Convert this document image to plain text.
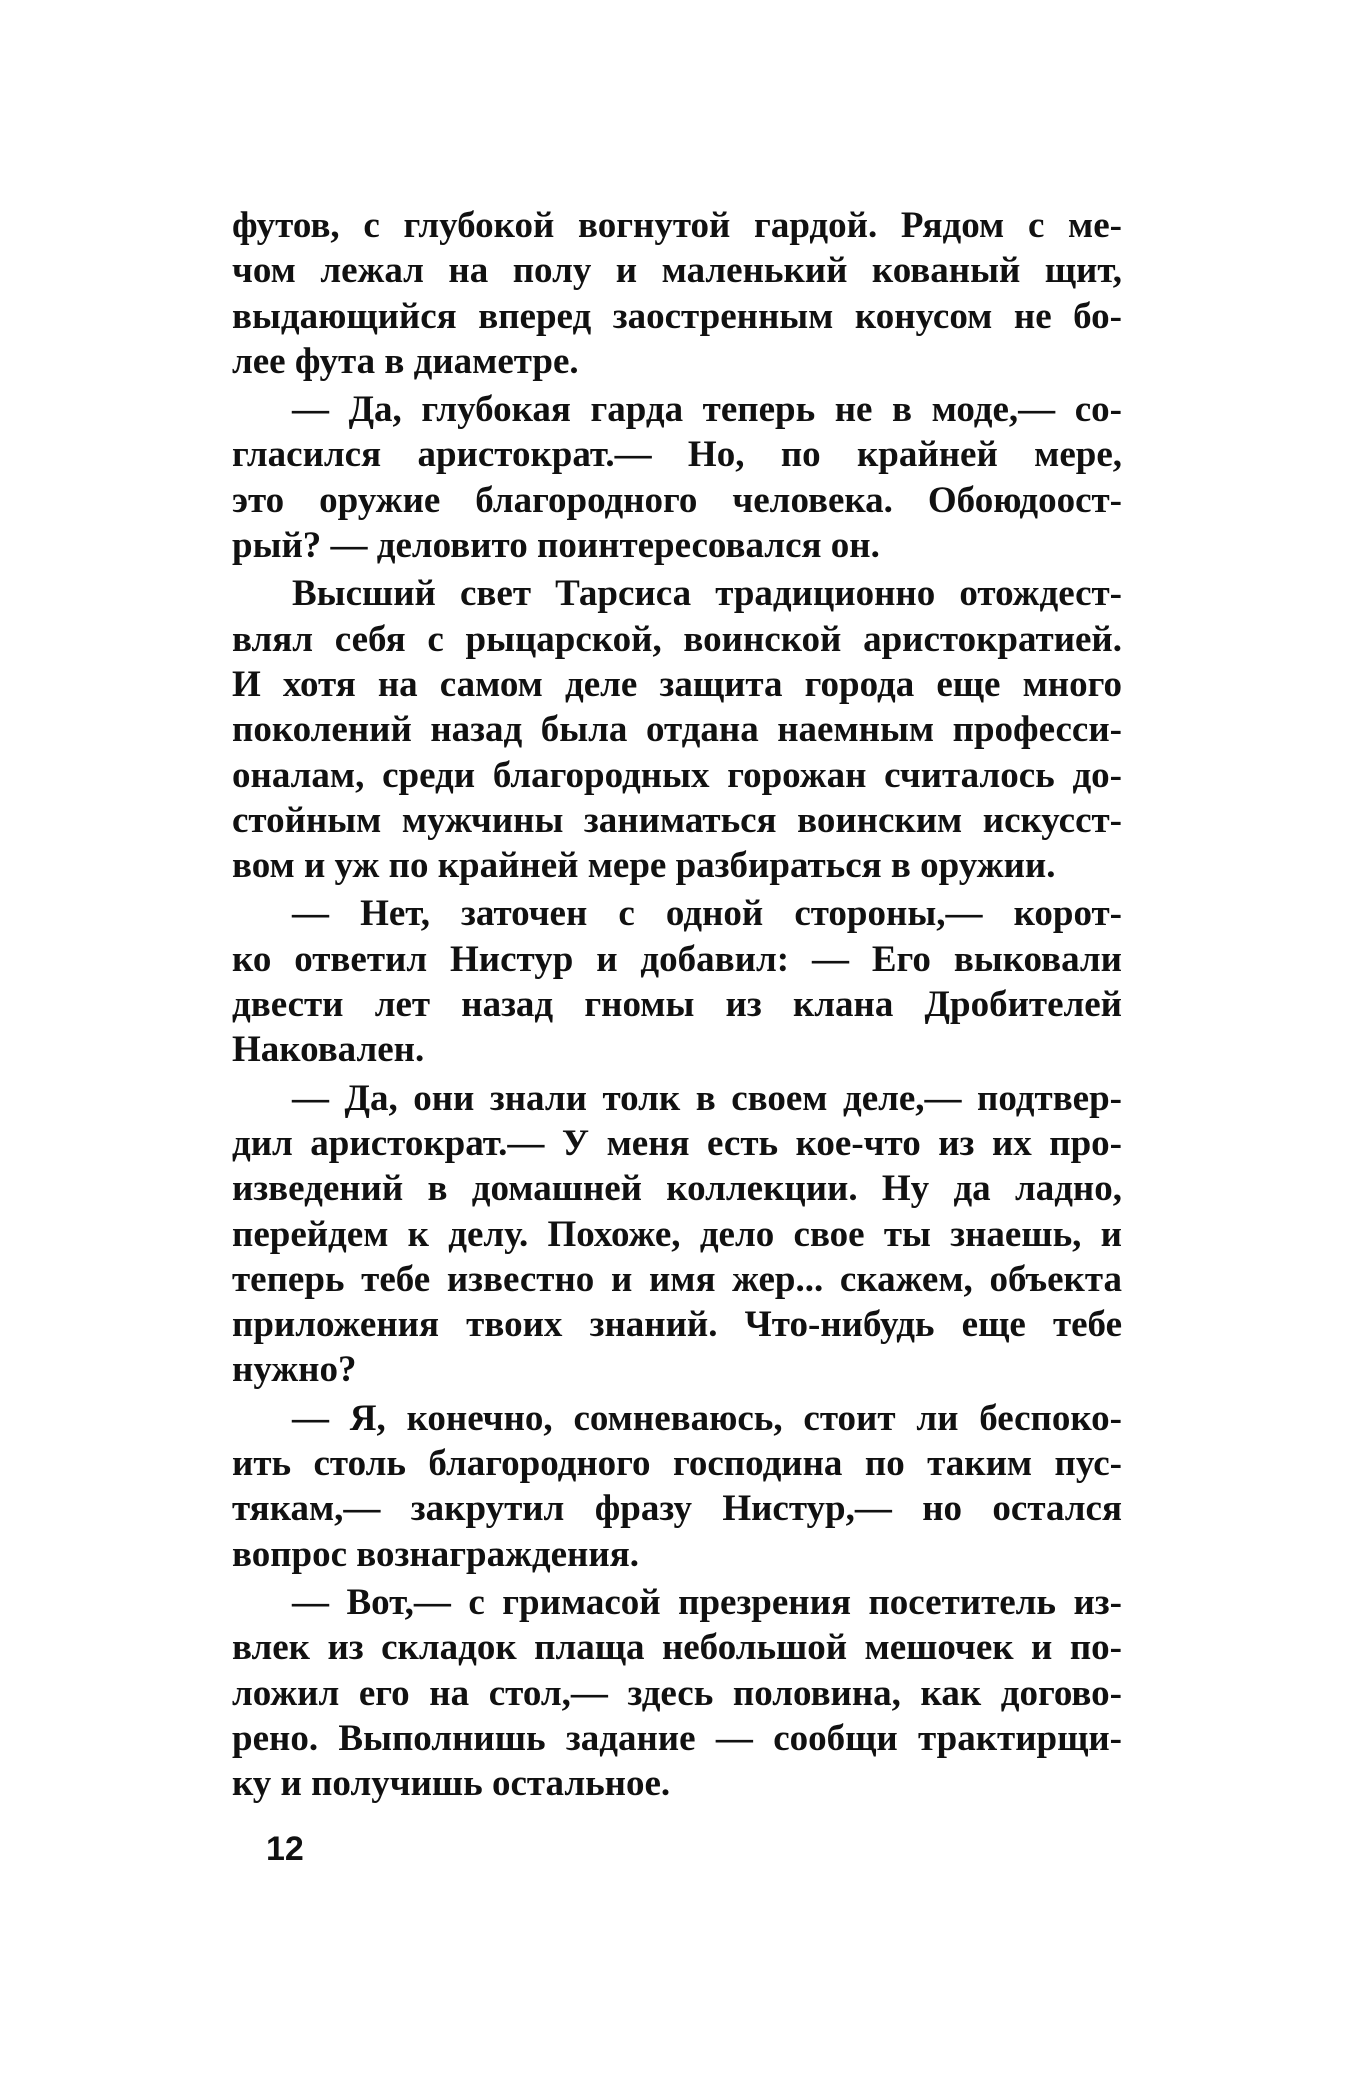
футов, с глубокой вогнутой гардой. Рядом с ме-
чом лежал на полу и маленький кованый щит,
выдающийся вперед заостренным конусом не бо-
лее фута в диаметре.
— Да, глубокая гарда теперь не в моде,— со-
гласился аристократ.— Но, по крайней мере,
это оружие благородного человека. Обоюдоост-
рый? — деловито поинтересовался он.
Высший свет Тарсиса традиционно отождест-
влял себя с рыцарской, воинской аристократией.
И хотя на самом деле защита города еще много
поколений назад была отдана наемным професси-
оналам, среди благородных горожан считалось до-
стойным мужчины заниматься воинским искусст-
вом и уж по крайней мере разбираться в оружии.
— Нет, заточен с одной стороны,— корот-
ко ответил Нистур и добавил: — Его выковали
двести лет назад гномы из клана Дробителей
Наковален.
— Да, они знали толк в своем деле,— подтвер-
дил аристократ.— У меня есть кое-что из их про-
изведений в домашней коллекции. Ну да ладно,
перейдем к делу. Похоже, дело свое ты знаешь, и
теперь тебе известно и имя жер... скажем, объекта
приложения твоих знаний. Что-нибудь еще тебе
нужно?
— Я, конечно, сомневаюсь, стоит ли беспоко-
ить столь благородного господина по таким пус-
тякам,— закрутил фразу Нистур,— но остался
вопрос вознаграждения.
— Вот,— с гримасой презрения посетитель из-
влек из складок плаща небольшой мешочек и по-
ложил его на стол,— здесь половина, как догово-
рено. Выполнишь задание — сообщи трактирщи-
ку и получишь остальное.
12
